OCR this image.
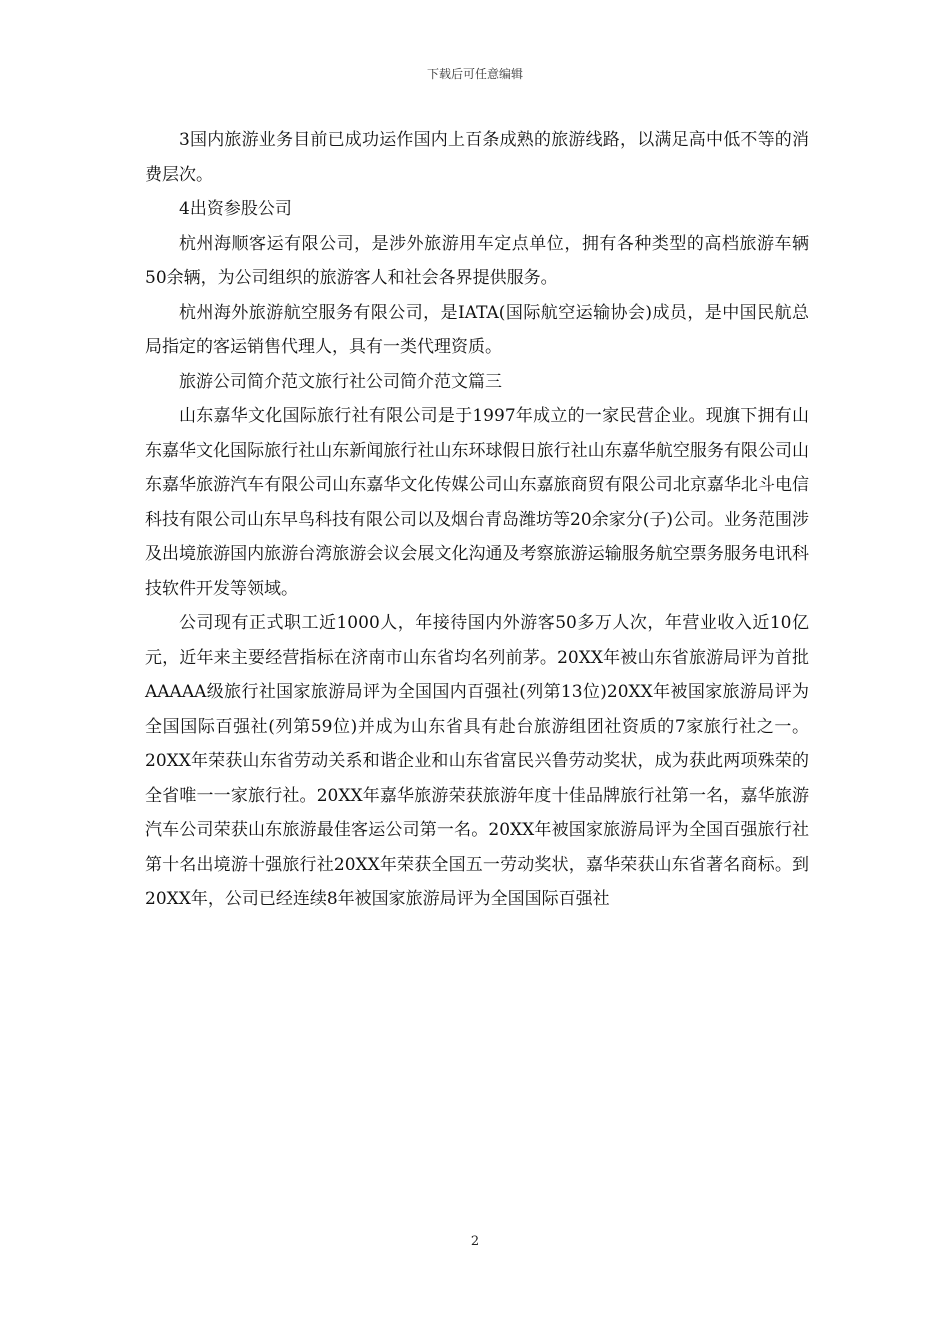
下载后可任意编辑

3国内旅游业务目前已成功运作国内上百条成熟的旅游线路，以满足高中低不等的消费层次。

4出资参股公司

杭州海顺客运有限公司，是涉外旅游用车定点单位，拥有各种类型的高档旅游车辆50余辆，为公司组织的旅游客人和社会各界提供服务。

杭州海外旅游航空服务有限公司，是IATA(国际航空运输协会)成员，是中国民航总局指定的客运销售代理人，具有一类代理资质。

旅游公司简介范文旅行社公司简介范文篇三

山东嘉华文化国际旅行社有限公司是于1997年成立的一家民营企业。现旗下拥有山东嘉华文化国际旅行社山东新闻旅行社山东环球假日旅行社山东嘉华航空服务有限公司山东嘉华旅游汽车有限公司山东嘉华文化传媒公司山东嘉旅商贸有限公司北京嘉华北斗电信科技有限公司山东早鸟科技有限公司以及烟台青岛潍坊等20余家分(子)公司。业务范围涉及出境旅游国内旅游台湾旅游会议会展文化沟通及考察旅游运输服务航空票务服务电讯科技软件开发等领域。

公司现有正式职工近1000人，年接待国内外游客50多万人次，年营业收入近10亿元，近年来主要经营指标在济南市山东省均名列前茅。20XX年被山东省旅游局评为首批AAAAA级旅行社国家旅游局评为全国国内百强社(列第13位)20XX年被国家旅游局评为全国国际百强社(列第59位)并成为山东省具有赴台旅游组团社资质的7家旅行社之一。20XX年荣获山东省劳动关系和谐企业和山东省富民兴鲁劳动奖状，成为获此两项殊荣的全省唯一一家旅行社。20XX年嘉华旅游荣获旅游年度十佳品牌旅行社第一名，嘉华旅游汽车公司荣获山东旅游最佳客运公司第一名。20XX年被国家旅游局评为全国百强旅行社第十名出境游十强旅行社20XX年荣获全国五一劳动奖状，嘉华荣获山东省著名商标。到20XX年，公司已经连续8年被国家旅游局评为全国国际百强社

2
